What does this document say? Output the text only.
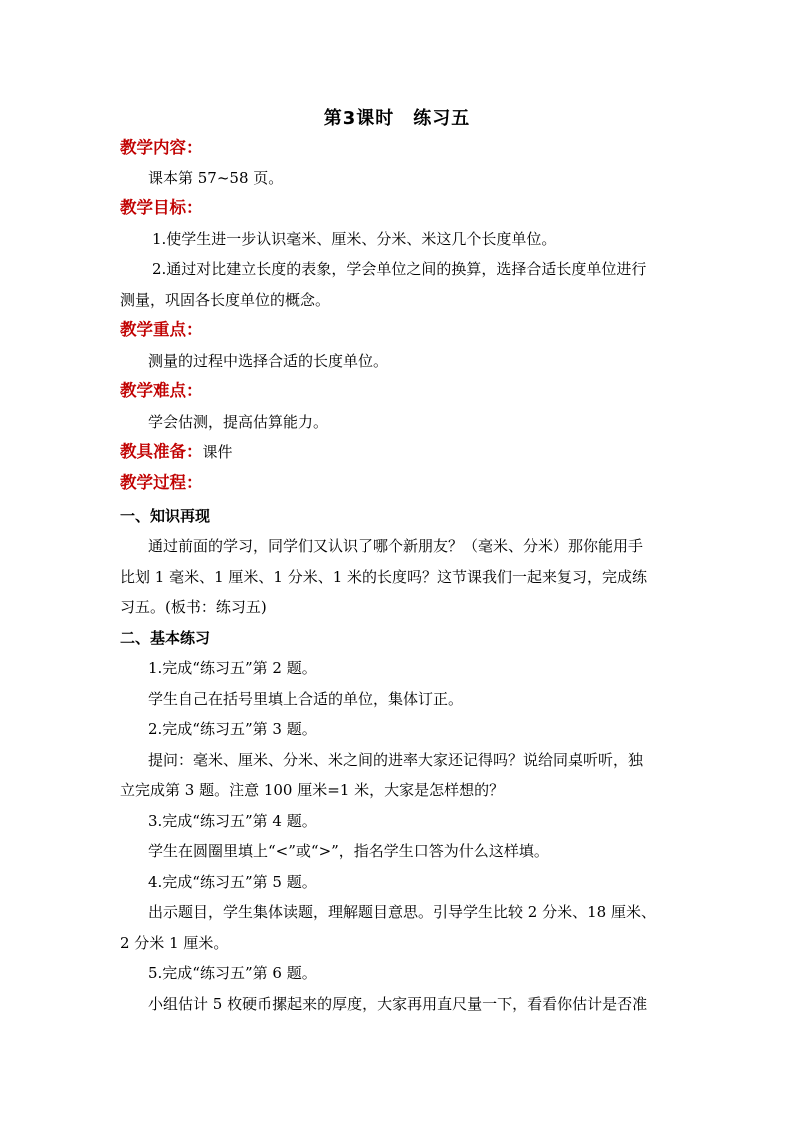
第3课时　练习五
教学内容：
课本第 57~58 页。
教学目标：
1.使学生进一步认识毫米、厘米、分米、米这几个长度单位。
2.通过对比建立长度的表象，学会单位之间的换算，选择合适长度单位进行
测量，巩固各长度单位的概念。
教学重点：
测量的过程中选择合适的长度单位。
教学难点：
学会估测，提高估算能力。
教具准备：课件
教学过程：
一、知识再现
通过前面的学习，同学们又认识了哪个新朋友？（毫米、分米）那你能用手
比划 1 毫米、1 厘米、1 分米、1 米的长度吗？这节课我们一起来复习，完成练
习五。(板书：练习五)
二、基本练习
1.完成“练习五”第 2 题。
学生自己在括号里填上合适的单位，集体订正。
2.完成“练习五”第 3 题。
提问：毫米、厘米、分米、米之间的进率大家还记得吗？说给同桌听听，独
立完成第 3 题。注意 100 厘米=1 米，大家是怎样想的？
3.完成“练习五”第 4 题。
学生在圆圈里填上“<”或“>”，指名学生口答为什么这样填。
4.完成“练习五”第 5 题。
出示题目，学生集体读题，理解题目意思。引导学生比较 2 分米、18 厘米、
2 分米 1 厘米。
5.完成“练习五”第 6 题。
小组估计 5 枚硬币摞起来的厚度，大家再用直尺量一下，看看你估计是否准
